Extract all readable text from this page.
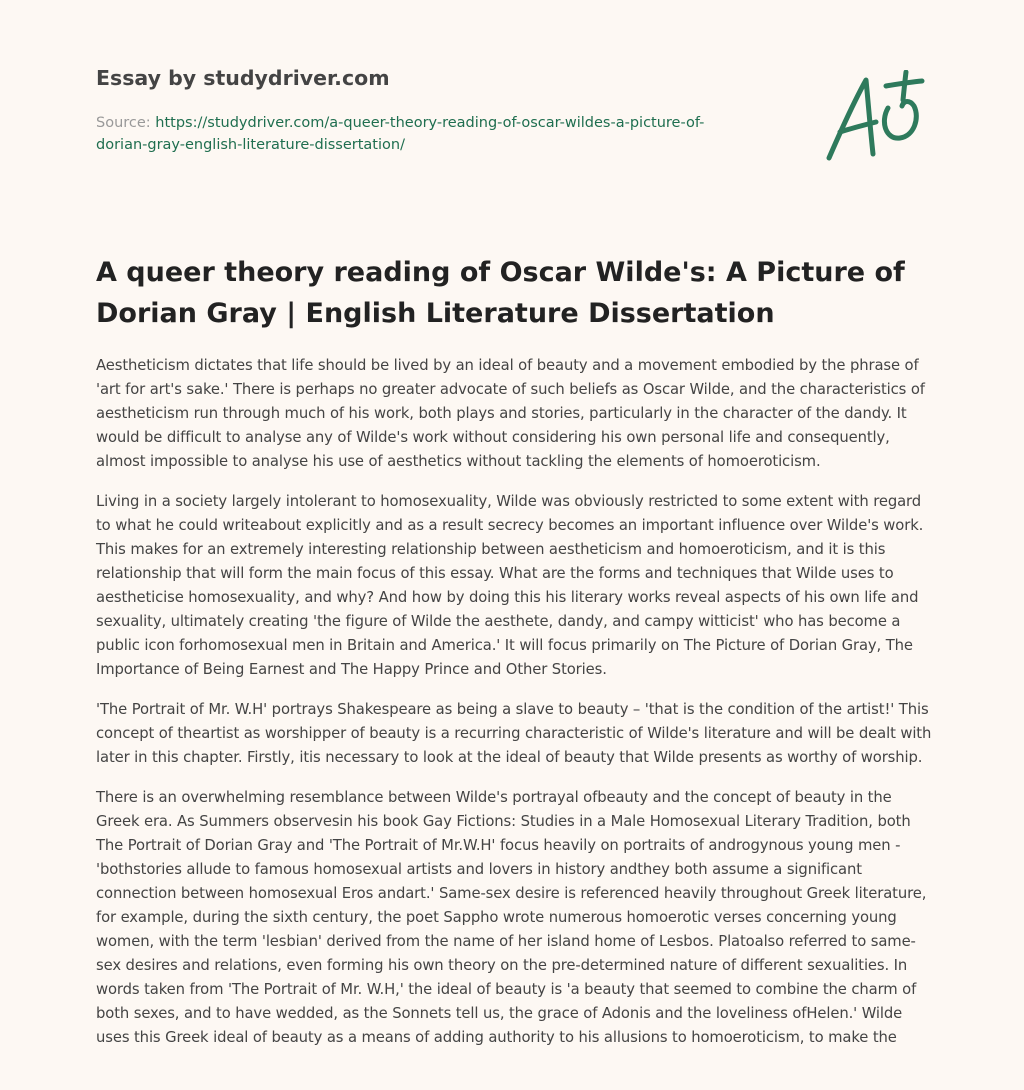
Essay by studydriver.com
Source: https://studydriver.com/a-queer-theory-reading-of-oscar-wildes-a-picture-of-
dorian-gray-english-literature-dissertation/
A queer theory reading of Oscar Wilde's: A Picture of Dorian Gray | English Literature Dissertation

Aestheticism dictates that life should be lived by an ideal of beauty and a movement embodied by the phrase of 'art for art's sake.' There is perhaps no greater advocate of such beliefs as Oscar Wilde, and the characteristics of aestheticism run through much of his work, both plays and stories, particularly in the character of the dandy. It would be difficult to analyse any of Wilde's work without considering his own personal life and consequently, almost impossible to analyse his use of aesthetics without tackling the elements of homoeroticism.

Living in a society largely intolerant to homosexuality, Wilde was obviously restricted to some extent with regard to what he could writeabout explicitly and as a result secrecy becomes an important influence over Wilde's work. This makes for an extremely interesting relationship between aestheticism and homoeroticism, and it is this relationship that will form the main focus of this essay. What are the forms and techniques that Wilde uses to aestheticise homosexuality, and why? And how by doing this his literary works reveal aspects of his own life and sexuality, ultimately creating 'the figure of Wilde the aesthete, dandy, and campy witticist' who has become a public icon forhomosexual men in Britain and America.' It will focus primarily on The Picture of Dorian Gray, The Importance of Being Earnest and The Happy Prince and Other Stories.

'The Portrait of Mr. W.H' portrays Shakespeare as being a slave to beauty – 'that is the condition of the artist!' This concept of theartist as worshipper of beauty is a recurring characteristic of Wilde's literature and will be dealt with later in this chapter. Firstly, itis necessary to look at the ideal of beauty that Wilde presents as worthy of worship.

There is an overwhelming resemblance between Wilde's portrayal ofbeauty and the concept of beauty in the Greek era. As Summers observesin his book Gay Fictions: Studies in a Male Homosexual Literary Tradition, both The Portrait of Dorian Gray and 'The Portrait of Mr.W.H' focus heavily on portraits of androgynous young men - 'bothstories allude to famous homosexual artists and lovers in history andthey both assume a significant connection between homosexual Eros andart.' Same-sex desire is referenced heavily throughout Greek literature, for example, during the sixth century, the poet Sappho wrote numerous homoerotic verses concerning young women, with the term 'lesbian' derived from the name of her island home of Lesbos. Platoalso referred to same-sex desires and relations, even forming his own theory on the pre-determined nature of different sexualities. In words taken from 'The Portrait of Mr. W.H,' the ideal of beauty is 'a beauty that seemed to combine the charm of both sexes, and to have wedded, as the Sonnets tell us, the grace of Adonis and the loveliness ofHelen.' Wilde uses this Greek ideal of beauty as a means of adding authority to his allusions to homoeroticism, to make the
